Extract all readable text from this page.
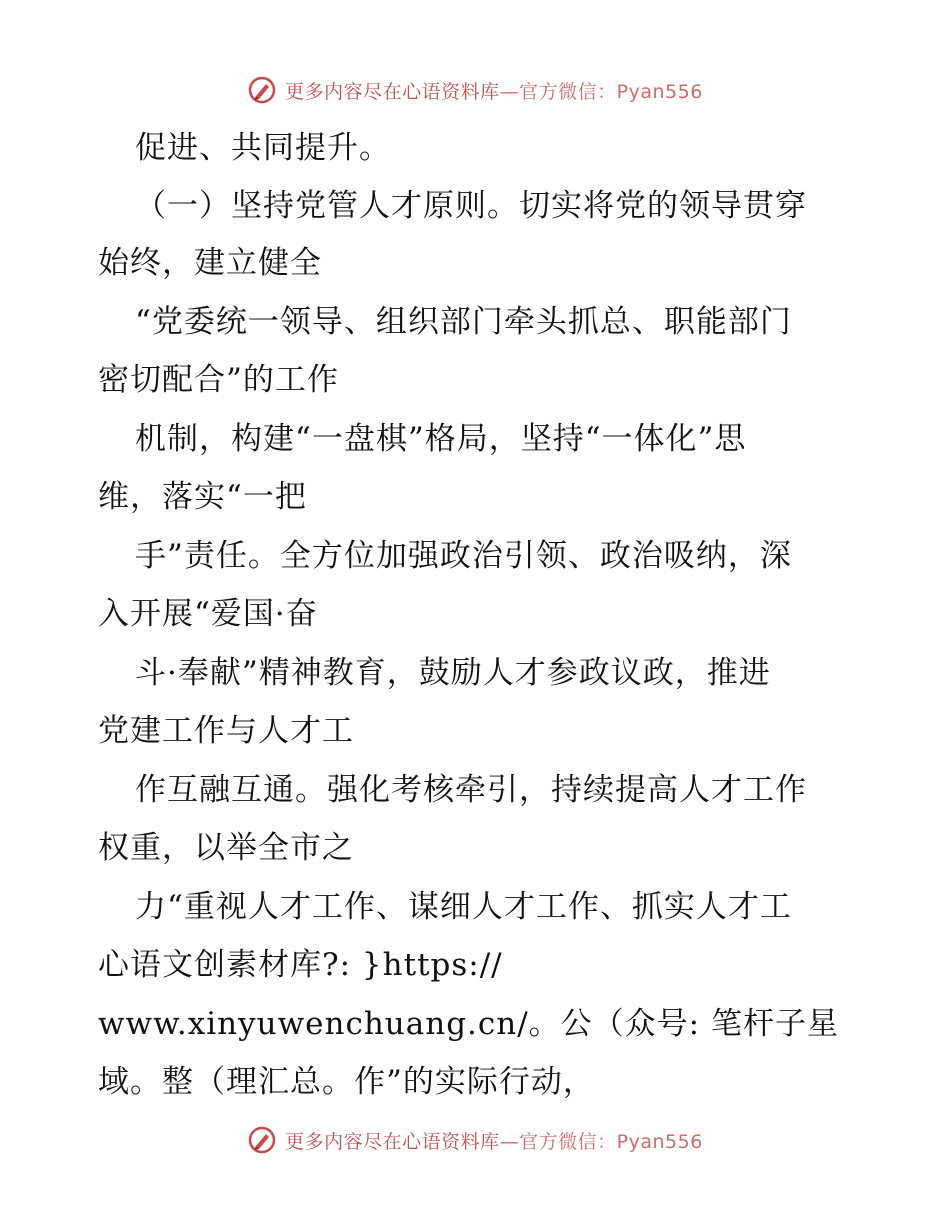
更多内容尽在心语资料库—官方微信：Pyan556
促进、共同提升。
（一）坚持党管人才原则。切实将党的领导贯穿
始终，建立健全
“党委统一领导、组织部门牵头抓总、职能部门
密切配合”的工作
机制，构建“一盘棋”格局，坚持“一体化”思
维，落实“一把
手”责任。全方位加强政治引领、政治吸纳，深
入开展“爱国·奋
斗·奉献”精神教育，鼓励人才参政议政，推进
党建工作与人才工
作互融互通。强化考核牵引，持续提高人才工作
权重，以举全市之
力“重视人才工作、谋细人才工作、抓实人才工
心语文创素材库?: }https://
www.xinyuwenchuang.cn/。公（众号: 笔杆子星
域。整（理汇总。作”的实际行动，
更多内容尽在心语资料库—官方微信：Pyan556
